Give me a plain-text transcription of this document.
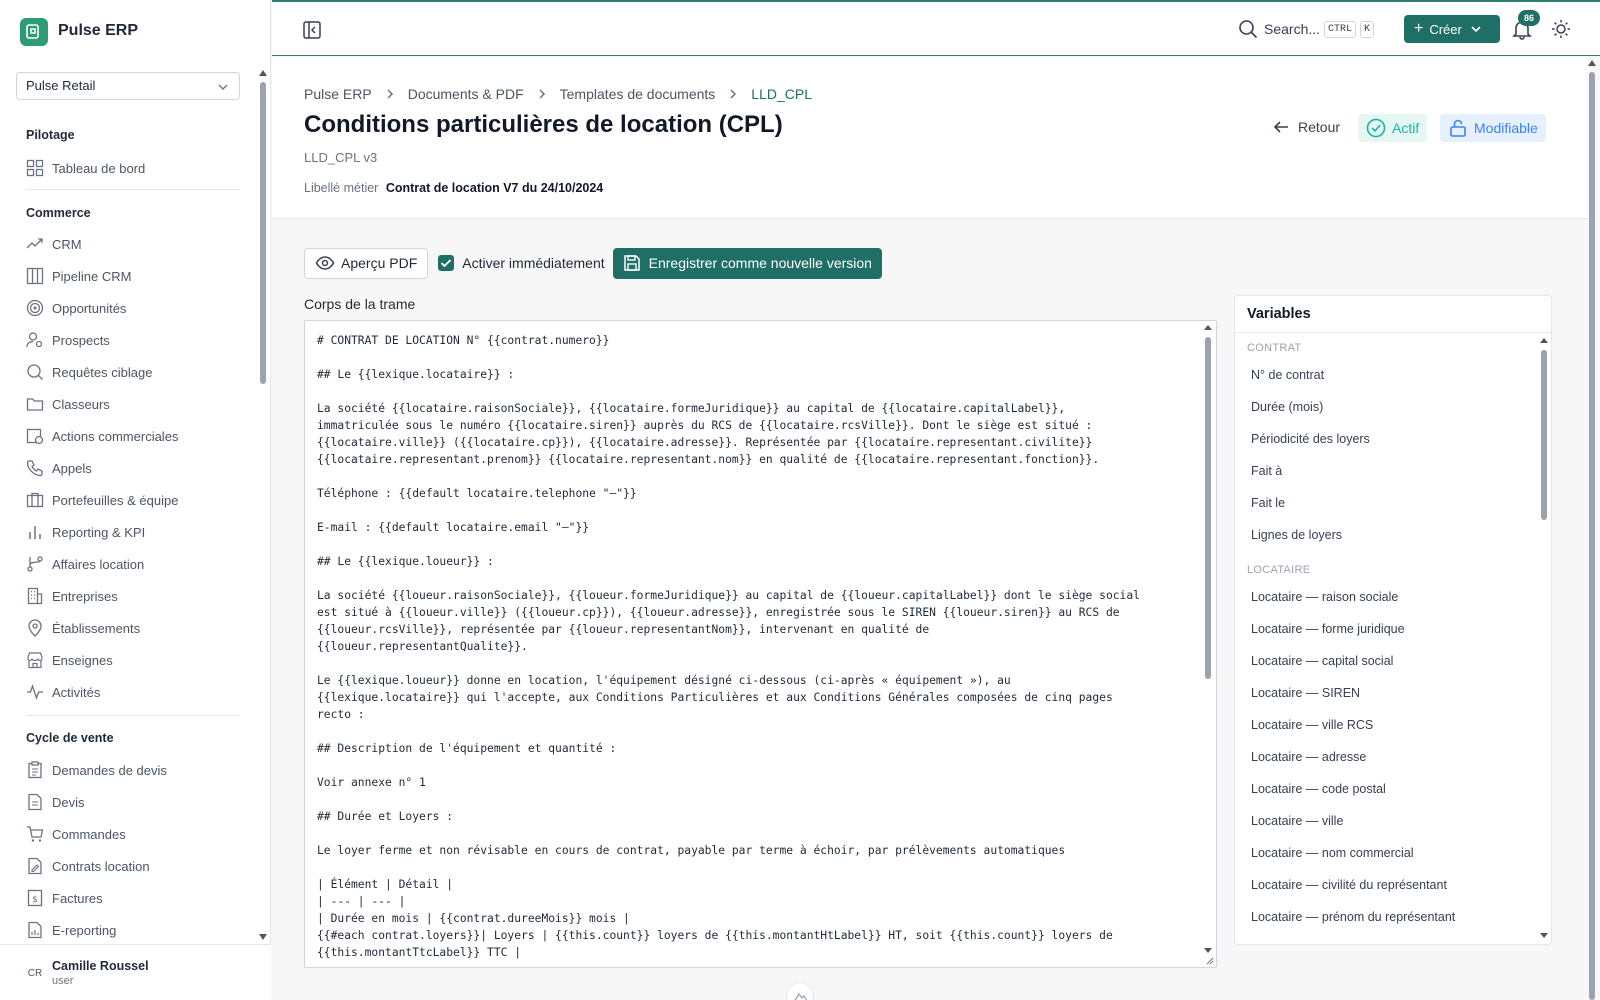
Pulse ERP
Pulse Retail
Pilotage
Tableau de bord
Commerce
CRM
Pipeline CRM
Opportunités
Prospects
Requêtes ciblage
Classeurs
Actions commerciales
Appels
Portefeuilles & équipe
Reporting & KPI
Affaires location
Entreprises
Établissements
Enseignes
Activités
Cycle de vente
Demandes de devis
Devis
Commandes
Contrats location
$ Factures
E-reporting
CR
Camille Roussel
user
Search... CTRL	K	+ Créer
86
Pulse ERP	Documents & PDF	Templates de documents	LLD_CPL
Conditions particulières de location (CPL)
LLD_CPL v3
Libellé métier Contrat de location V7 du 24/10/2024
Retour	Actif	Modifiable
Aperçu PDF	Activer immédiatement	Enregistrer comme nouvelle version
Corps de la trame
# CONTRAT DE LOCATION N° {{contrat.numero}}

## Le {{lexique.locataire}} :

La société {{locataire.raisonSociale}}, {{locataire.formeJuridique}} au capital de {{locataire.capitalLabel}},
immatriculée sous le numéro {{locataire.siren}} auprès du RCS de {{locataire.rcsVille}}. Dont le siège est situé :
{{locataire.ville}} ({{locataire.cp}}), {{locataire.adresse}}. Représentée par {{locataire.representant.civilite}}
{{locataire.representant.prenom}} {{locataire.representant.nom}} en qualité de {{locataire.representant.fonction}}.

Téléphone : {{default locataire.telephone "—"}}

E-mail : {{default locataire.email "—"}}

## Le {{lexique.loueur}} :

La société {{loueur.raisonSociale}}, {{loueur.formeJuridique}} au capital de {{loueur.capitalLabel}} dont le siège social
est situé à {{loueur.ville}} ({{loueur.cp}}), {{loueur.adresse}}, enregistrée sous le SIREN {{loueur.siren}} au RCS de
{{loueur.rcsVille}}, représentée par {{loueur.representantNom}}, intervenant en qualité de
{{loueur.representantQualite}}.

Le {{lexique.loueur}} donne en location, l'équipement désigné ci-dessous (ci-après « équipement »), au
{{lexique.locataire}} qui l'accepte, aux Conditions Particulières et aux Conditions Générales composées de cinq pages
recto :

## Description de l'équipement et quantité :

Voir annexe n° 1

## Durée et Loyers :

Le loyer ferme et non révisable en cours de contrat, payable par terme à échoir, par prélèvements automatiques

| Élément | Détail |
| --- | --- |
| Durée en mois | {{contrat.dureeMois}} mois |
{{#each contrat.loyers}}| Loyers | {{this.count}} loyers de {{this.montantHtLabel}} HT, soit {{this.count}} loyers de
{{this.montantTtcLabel}} TTC |
Variables
CONTRAT
N° de contrat
Durée (mois)
Périodicité des loyers
Fait à
Fait le
Lignes de loyers
LOCATAIRE
Locataire — raison sociale
Locataire — forme juridique
Locataire — capital social
Locataire — SIREN
Locataire — ville RCS
Locataire — adresse
Locataire — code postal
Locataire — ville
Locataire — nom commercial
Locataire — civilité du représentant
Locataire — prénom du représentant
